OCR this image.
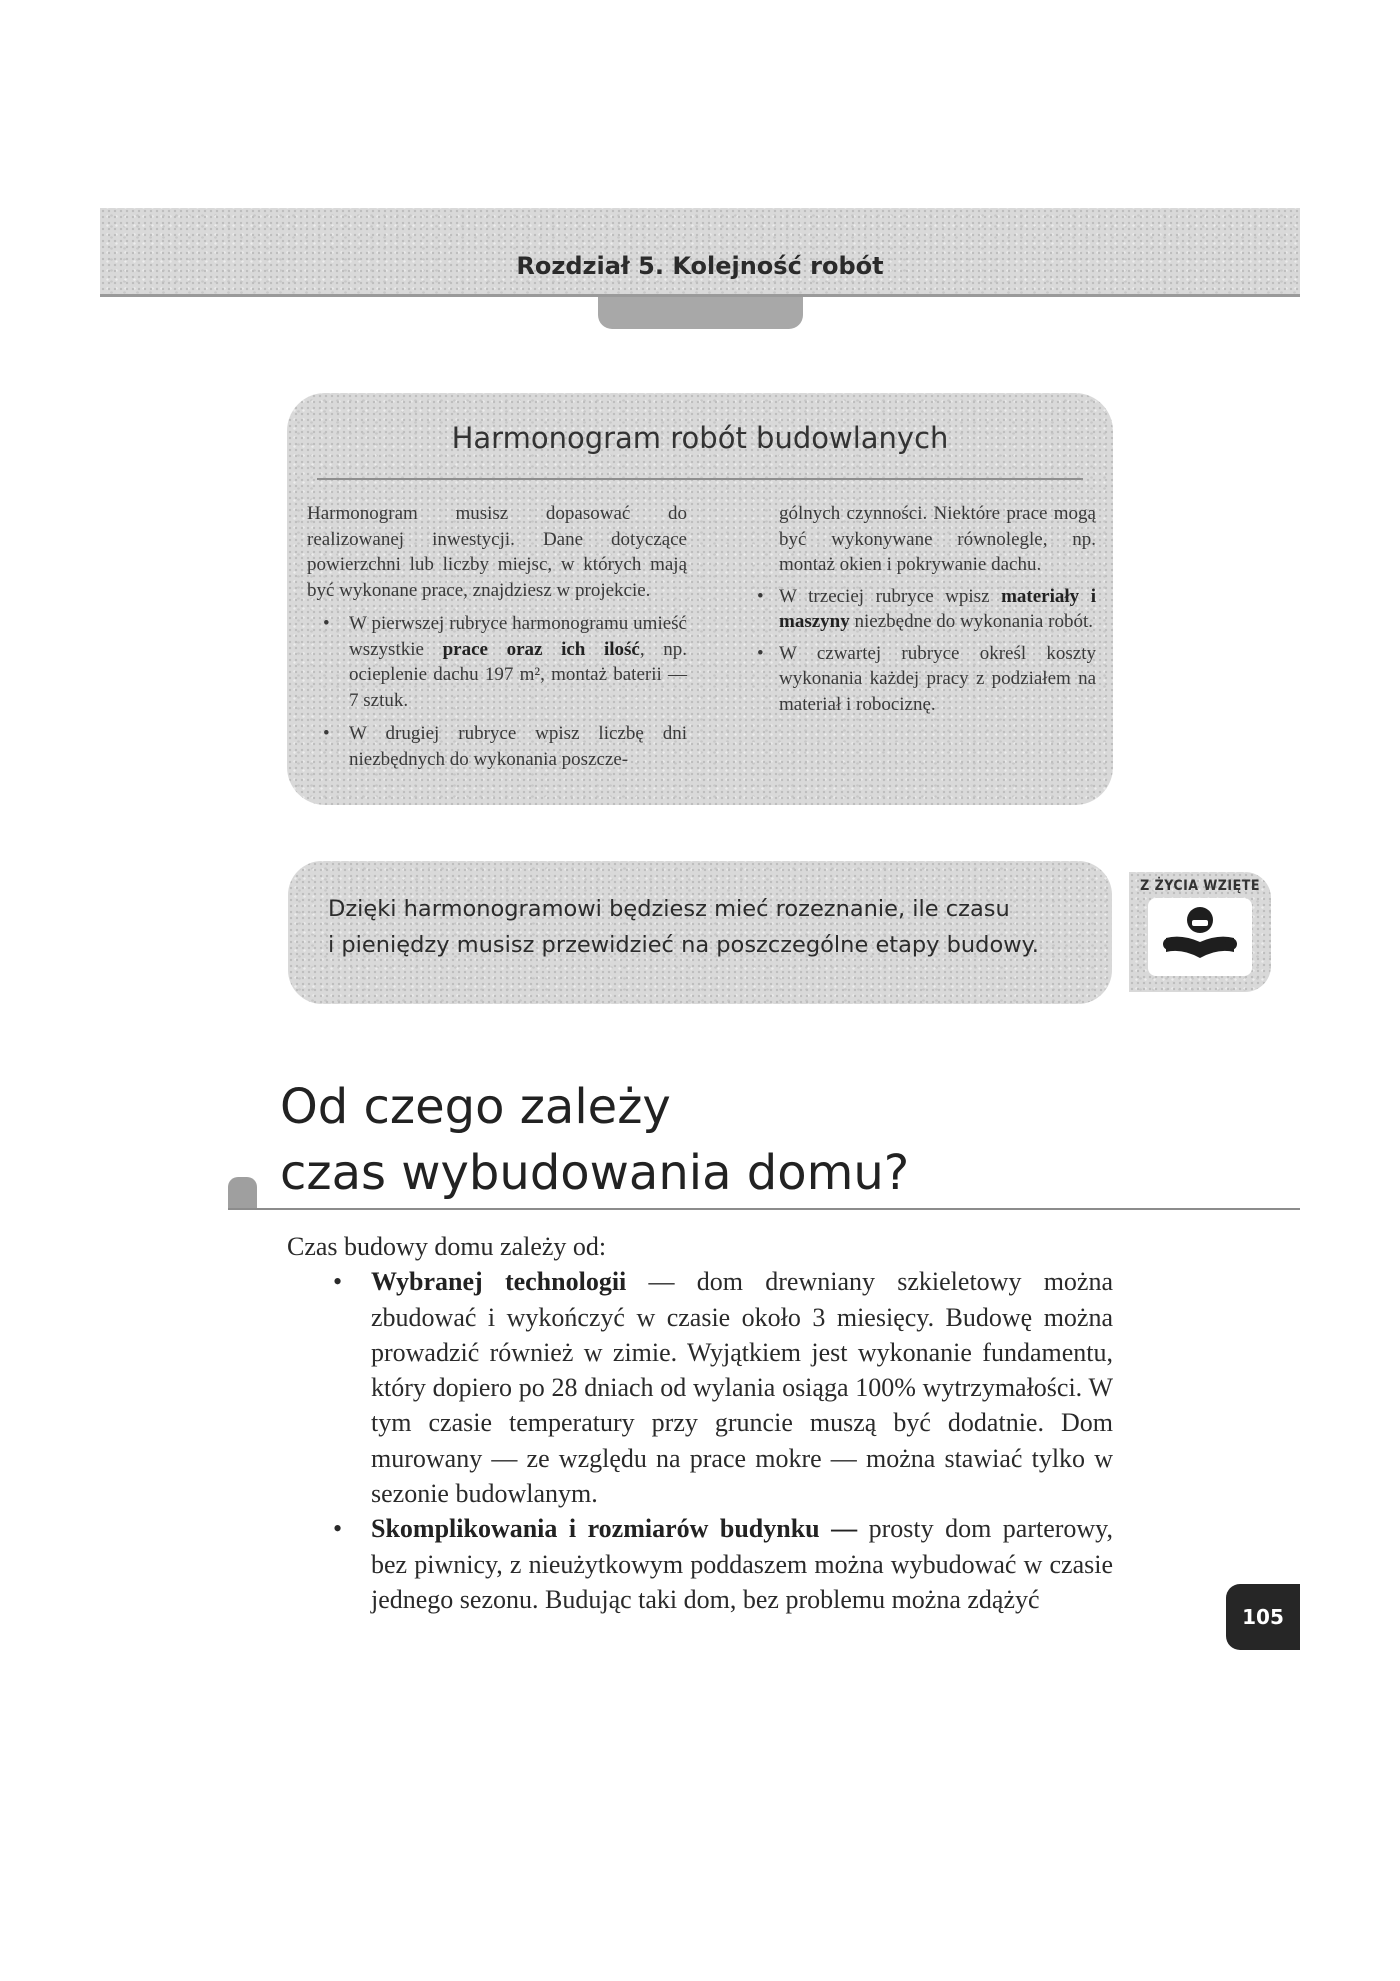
Rozdział 5. Kolejność robót
Harmonogram robót budowlanych

Harmonogram musisz dopasować do realizowanej inwestycji. Dane dotyczące powierzchni lub liczby miejsc, w których mają być wykonane prace, znajdziesz w projekcie.

• W pierwszej rubryce harmonogramu umieść wszystkie prace oraz ich ilość, np. ocieplenie dachu 197 m², montaż baterii — 7 sztuk.
• W drugiej rubryce wpisz liczbę dni niezbędnych do wykonania poszcze-
gólnych czynności. Niektóre prace mogą być wykonywane równolegle, np. montaż okien i pokrywanie dachu.
• W trzeciej rubryce wpisz materiały i maszyny niezbędne do wykonania robót.
• W czwartej rubryce określ koszty wykonania każdej pracy z podziałem na materiał i robociznę.
Dzięki harmonogramowi będziesz mieć rozeznanie, ile czasu
i pieniędzy musisz przewidzieć na poszczególne etapy budowy.
Z ŻYCIA WZIĘTE
Od czego zależy
czas wybudowania domu?

Czas budowy domu zależy od:

• Wybranej technologii — dom drewniany szkieletowy można zbudować i wykończyć w czasie około 3 miesięcy. Budowę można prowadzić również w zimie. Wyjątkiem jest wykonanie fundamentu, który dopiero po 28 dniach od wylania osiąga 100% wytrzymałości. W tym czasie temperatury przy gruncie muszą być dodatnie. Dom murowany — ze względu na prace mokre — można stawiać tylko w sezonie budowlanym.
• Skomplikowania i rozmiarów budynku — prosty dom parterowy, bez piwnicy, z nieużytkowym poddaszem można wybudować w czasie jednego sezonu. Budując taki dom, bez problemu można zdążyć
105
